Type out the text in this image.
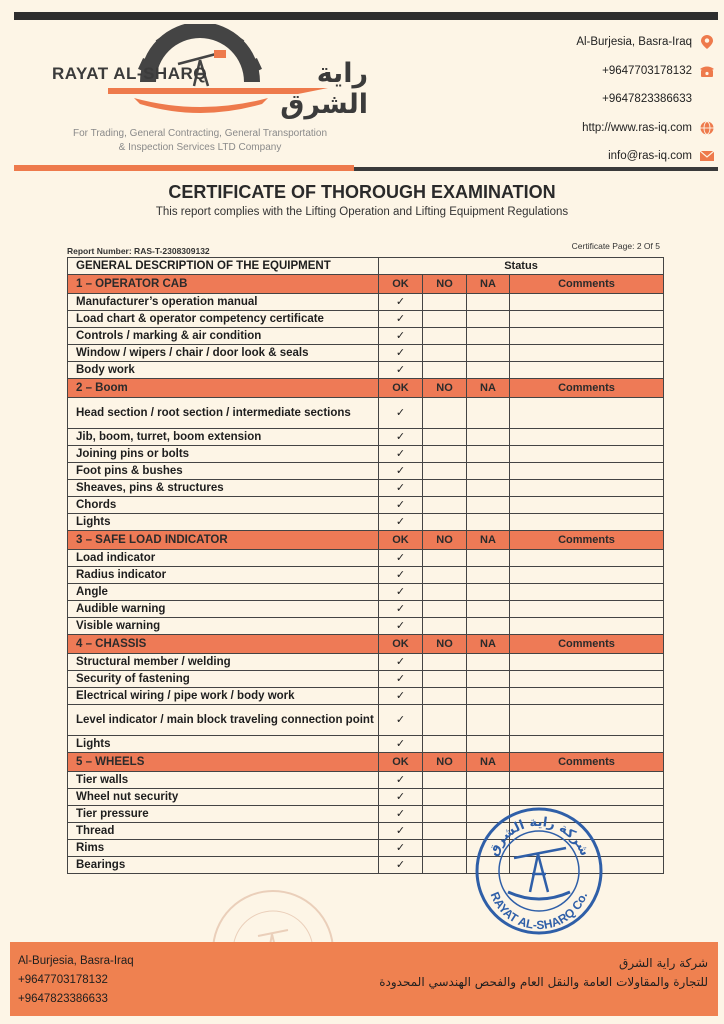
RAYAT AL-SHARQ	راية الشرق
For Trading, General Contracting, General Transportation
& Inspection Services LTD Company
Al-Burjesia, Basra-Iraq
+9647703178132
+9647823386633
http://www.ras-iq.com
info@ras-iq.com
CERTIFICATE OF THOROUGH EXAMINATION
This report complies with the Lifting Operation and Lifting Equipment Regulations
Report Number: RAS-T-2308309132	Certificate Page: 2 Of 5
GENERAL DESCRIPTION OF THE EQUIPMENT	Status			
1 – OPERATOR CAB	OK	NO	NA	Comments
Manufacturer’s operation manual	✓			
Load chart & operator competency certificate	✓			
Controls / marking & air condition	✓			
Window / wipers / chair / door look & seals	✓			
Body work	✓			
2 – Boom	OK	NO	NA	Comments
Head section / root section / intermediate sections	✓			
Jib, boom, turret, boom extension	✓			
Joining pins or bolts	✓			
Foot pins & bushes	✓			
Sheaves, pins & structures	✓			
Chords	✓			
Lights	✓			
3 – SAFE LOAD INDICATOR	OK	NO	NA	Comments
Load indicator	✓			
Radius indicator	✓			
Angle	✓			
Audible warning	✓			
Visible warning	✓			
4 – CHASSIS	OK	NO	NA	Comments
Structural member / welding	✓			
Security of fastening	✓			
Electrical wiring / pipe work / body work	✓			
Level indicator / main block traveling connection point	✓			
Lights	✓			
5 – WHEELS	OK	NO	NA	Comments
Tier walls	✓			
Wheel nut security	✓			
Tier pressure	✓			
Thread	✓			
Rims	✓			
Bearings	✓			
شركة راية الشرق
RAYAT AL-SHARQ Co.
Al-Burjesia, Basra-Iraq
+9647703178132
+9647823386633
شركة راية الشرق
للتجارة والمقاولات العامة والنقل العام والفحص الهندسي المحدودة
